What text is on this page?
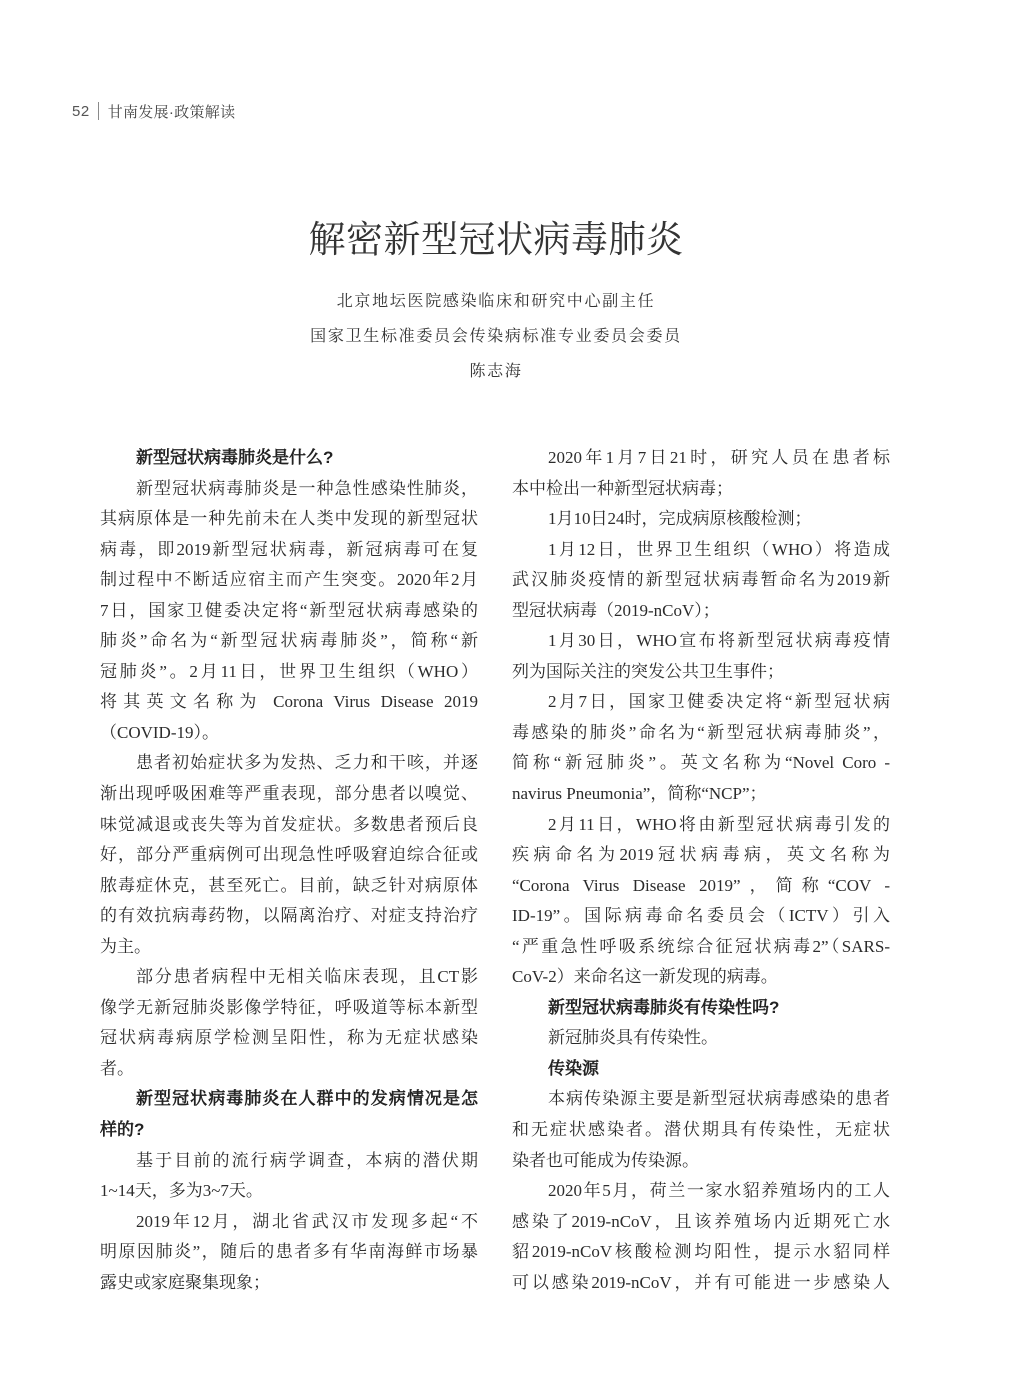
52 甘南发展·政策解读
解密新型冠状病毒肺炎
北京地坛医院感染临床和研究中心副主任
国家卫生标准委员会传染病标准专业委员会委员
陈志海
新型冠状病毒肺炎是什么?
新型冠状病毒肺炎是一种急性感染性肺炎，
其病原体是一种先前未在人类中发现的新型冠状
病毒，即2019新型冠状病毒，新冠病毒可在复
制过程中不断适应宿主而产生突变。2020年2月
7日，国家卫健委决定将“新型冠状病毒感染的
肺炎”命名为“新型冠状病毒肺炎”，简称“新
冠肺炎”。2月11日，世界卫生组织（WHO）
将其英文名称为 Corona Virus Disease 2019
（COVID-19）。
患者初始症状多为发热、乏力和干咳，并逐
渐出现呼吸困难等严重表现，部分患者以嗅觉、
味觉减退或丧失等为首发症状。多数患者预后良
好，部分严重病例可出现急性呼吸窘迫综合征或
脓毒症休克，甚至死亡。目前，缺乏针对病原体
的有效抗病毒药物，以隔离治疗、对症支持治疗
为主。
部分患者病程中无相关临床表现，且CT影
像学无新冠肺炎影像学特征，呼吸道等标本新型
冠状病毒病原学检测呈阳性，称为无症状感染
者。
新型冠状病毒肺炎在人群中的发病情况是怎
样的?
基于目前的流行病学调查，本病的潜伏期
1~14天，多为3~7天。
2019年12月，湖北省武汉市发现多起“不
明原因肺炎”，随后的患者多有华南海鲜市场暴
露史或家庭聚集现象；
2020年1月7日21时，研究人员在患者标
本中检出一种新型冠状病毒；
1月10日24时，完成病原核酸检测；
1月12日，世界卫生组织（WHO）将造成
武汉肺炎疫情的新型冠状病毒暂命名为2019新
型冠状病毒（2019-nCoV）；
1月30日，WHO宣布将新型冠状病毒疫情
列为国际关注的突发公共卫生事件；
2月7日，国家卫健委决定将“新型冠状病
毒感染的肺炎”命名为“新型冠状病毒肺炎”，
简称“新冠肺炎”。英文名称为“Novel Coro -
navirus Pneumonia”，简称“NCP”；
2月11日，WHO将由新型冠状病毒引发的
疾病命名为2019冠状病毒病，英文名称为
“Corona Virus Disease 2019”，简称“COV -
ID-19”。国际病毒命名委员会（ICTV）引入
“严重急性呼吸系统综合征冠状病毒2”（SARS-
CoV-2）来命名这一新发现的病毒。
新型冠状病毒肺炎有传染性吗?
新冠肺炎具有传染性。
传染源
本病传染源主要是新型冠状病毒感染的患者
和无症状感染者。潜伏期具有传染性，无症状
染者也可能成为传染源。
2020年5月，荷兰一家水貂养殖场内的工人
感染了2019-nCoV，且该养殖场内近期死亡水
貂2019-nCoV核酸检测均阳性，提示水貂同样
可以感染2019-nCoV，并有可能进一步感染人
